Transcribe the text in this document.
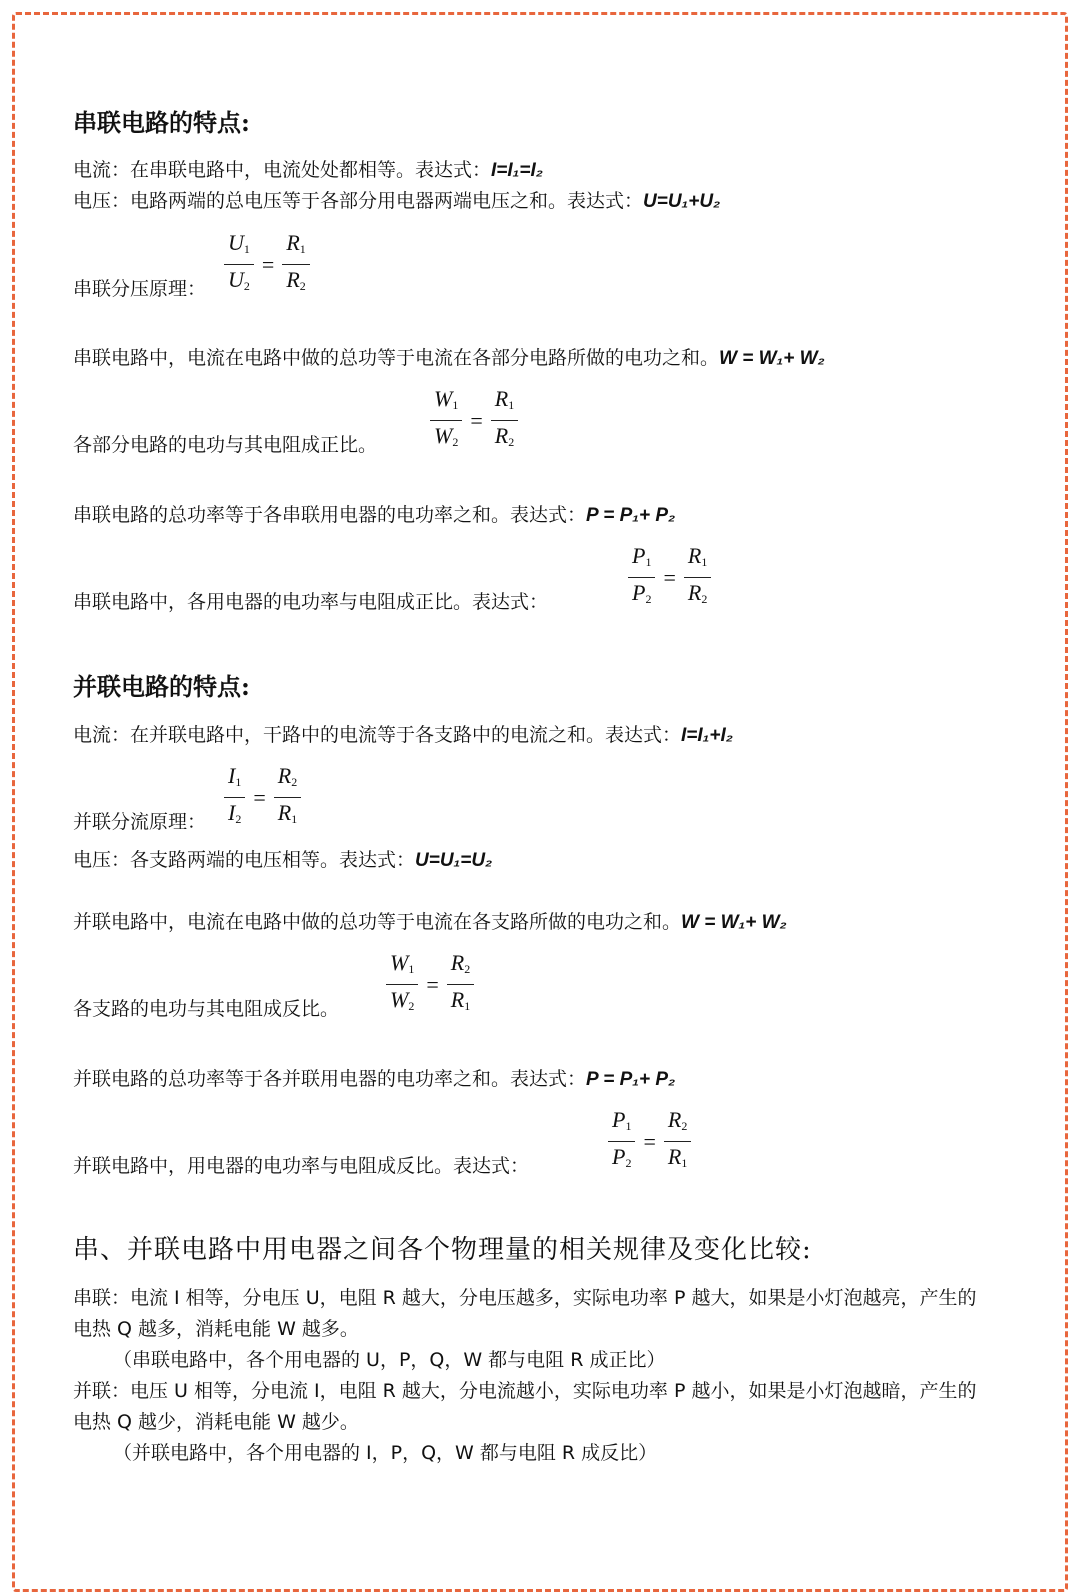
串联电路的特点:
电流：在串联电路中，电流处处都相等。表达式：I=I₁=I₂
电压：电路两端的总电压等于各部分用电器两端电压之和。表达式：U=U₁+U₂
串联分压原理： $\frac{U_1}{U_2} = \frac{R_1}{R_2}$
串联电路中，电流在电路中做的总功等于电流在各部分电路所做的电功之和。W = W₁+ W₂
各部分电路的电功与其电阻成正比。 $\frac{W_1}{W_2} = \frac{R_1}{R_2}$
串联电路的总功率等于各串联用电器的电功率之和。表达式：P = P₁+ P₂
串联电路中，各用电器的电功率与电阻成正比。表达式：	$\frac{P_1}{P_2} = \frac{R_1}{R_2}$
并联电路的特点:
电流：在并联电路中，干路中的电流等于各支路中的电流之和。表达式：I=I₁+I₂
并联分流原理： $\frac{I_1}{I_2} = \frac{R_2}{R_1}$
电压：各支路两端的电压相等。表达式：U=U₁=U₂
并联电路中，电流在电路中做的总功等于电流在各支路所做的电功之和。W = W₁+ W₂
各支路的电功与其电阻成反比。 $\frac{W_1}{W_2} = \frac{R_2}{R_1}$
并联电路的总功率等于各并联用电器的电功率之和。表达式：P = P₁+ P₂
并联电路中，用电器的电功率与电阻成反比。表达式：	$\frac{P_1}{P_2} = \frac{R_2}{R_1}$
串、并联电路中用电器之间各个物理量的相关规律及变化比较:
串联：电流 I 相等，分电压 U，电阻 R 越大，分电压越多，实际电功率 P 越大，如果是小灯泡越亮，产生的电热 Q 越多，消耗电能 W 越多。
（串联电路中，各个用电器的 U，P，Q，W 都与电阻 R 成正比）
并联：电压 U 相等，分电流 I，电阻 R 越大，分电流越小，实际电功率 P 越小，如果是小灯泡越暗，产生的电热 Q 越少，消耗电能 W 越少。
（并联电路中，各个用电器的 I，P，Q，W 都与电阻 R 成反比）
